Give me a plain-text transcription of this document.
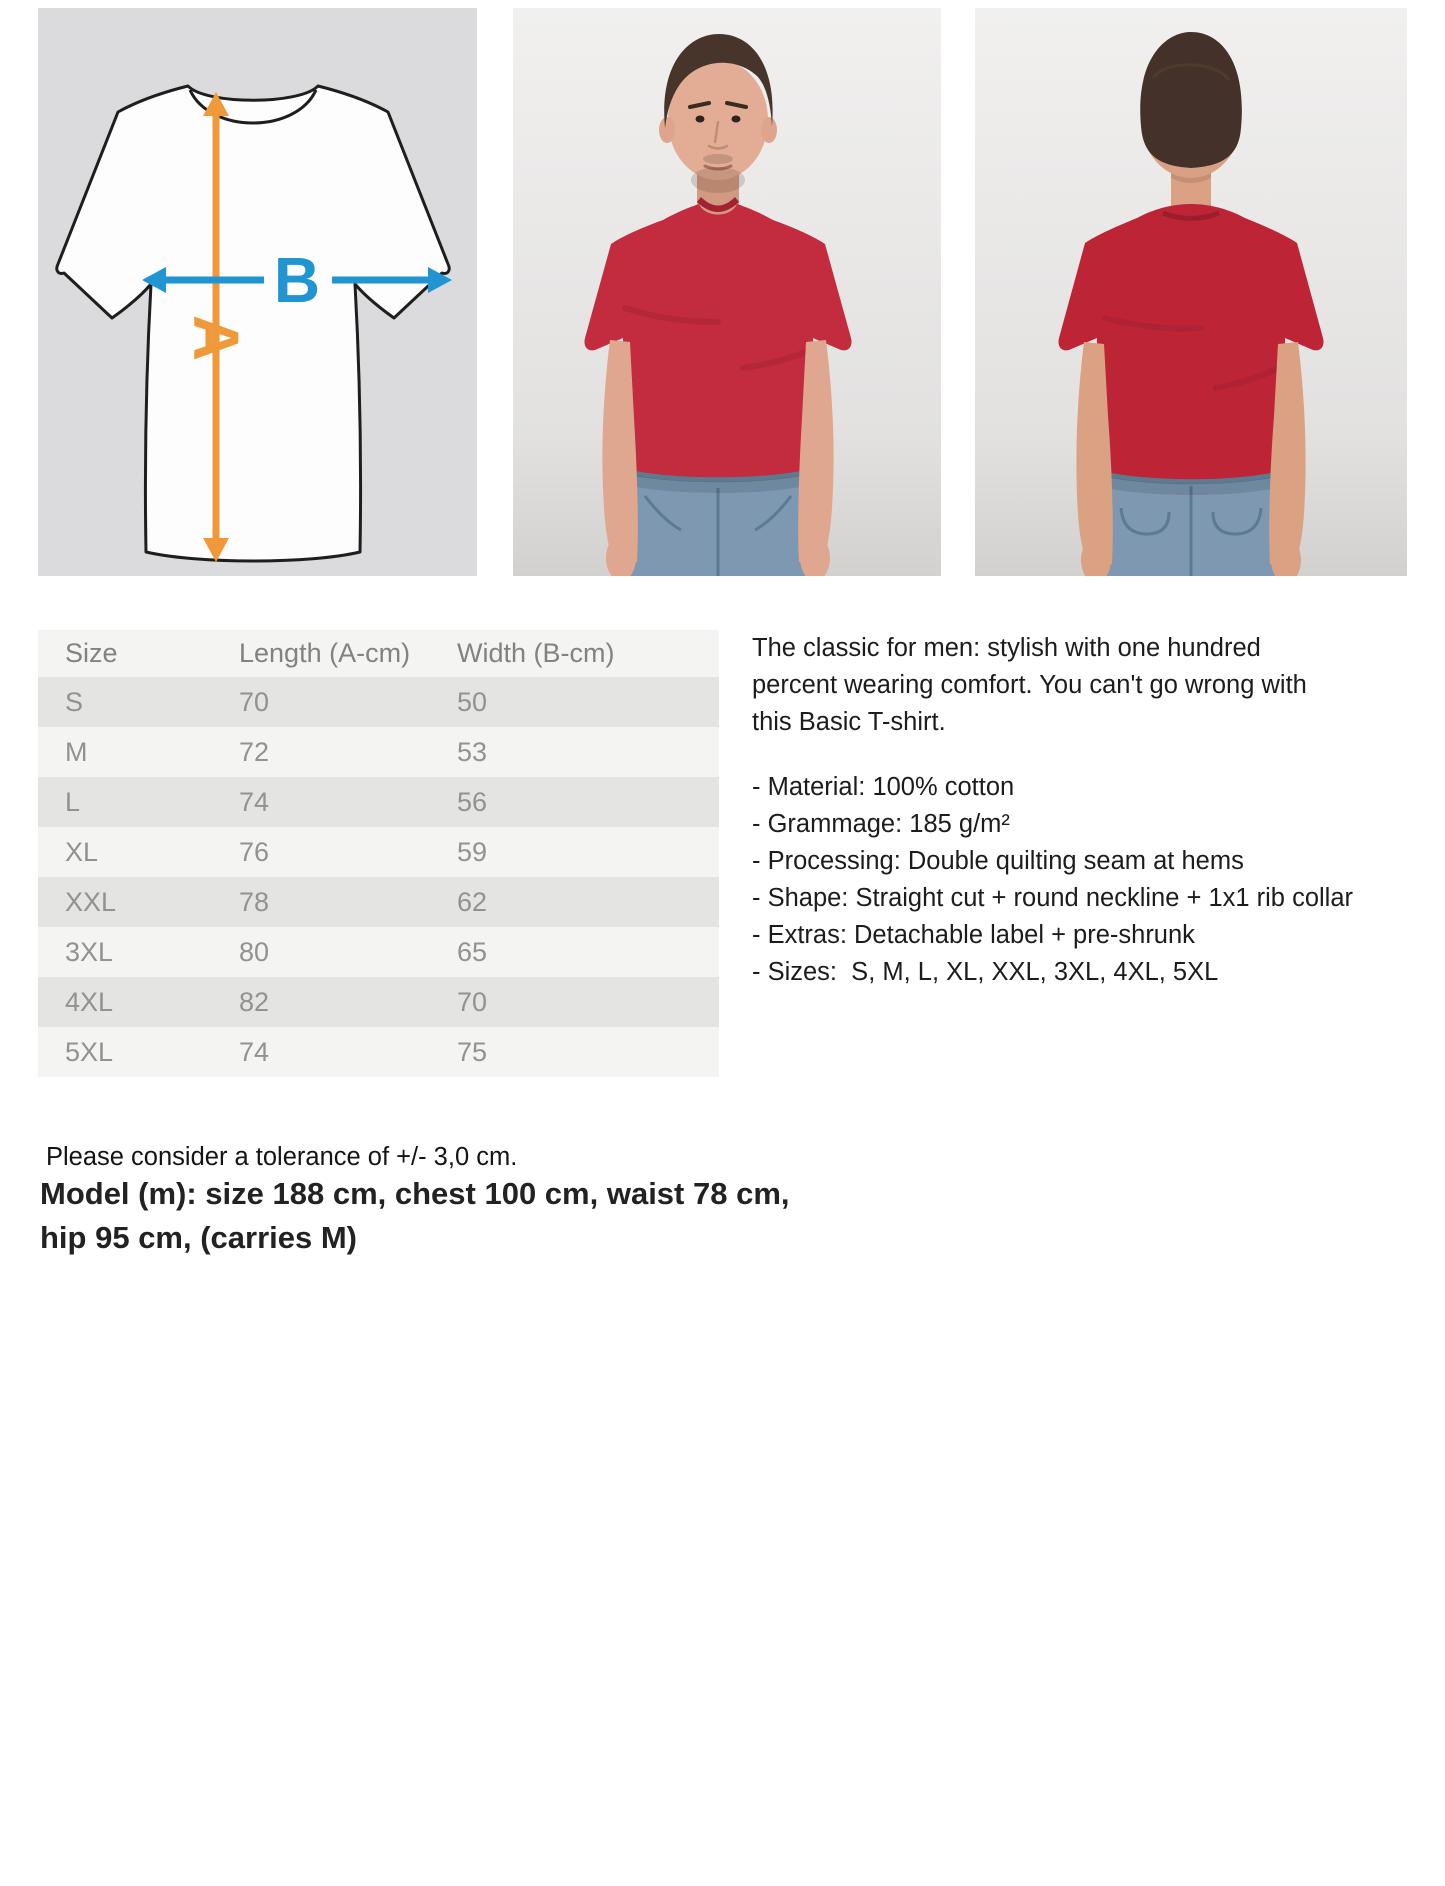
A
B
Size	Length (A-cm)	Width (B-cm)
S	70	50
M	72	53
L	74	56
XL	76	59
XXL	78	62
3XL	80	65
4XL	82	70
5XL	74	75
The classic for men: stylish with one hundred percent wearing comfort. You can't go wrong with this Basic T-shirt.
- Material: 100% cotton
- Grammage: 185 g/m²
- Processing: Double quilting seam at hems
- Shape: Straight cut + round neckline + 1x1 rib collar
- Extras: Detachable label + pre-shrunk
- Sizes:  S, M, L, XL, XXL, 3XL, 4XL, 5XL
Please consider a tolerance of +/- 3,0 cm.
Model (m): size 188 cm, chest 100 cm, waist 78 cm, hip 95 cm, (carries M)
